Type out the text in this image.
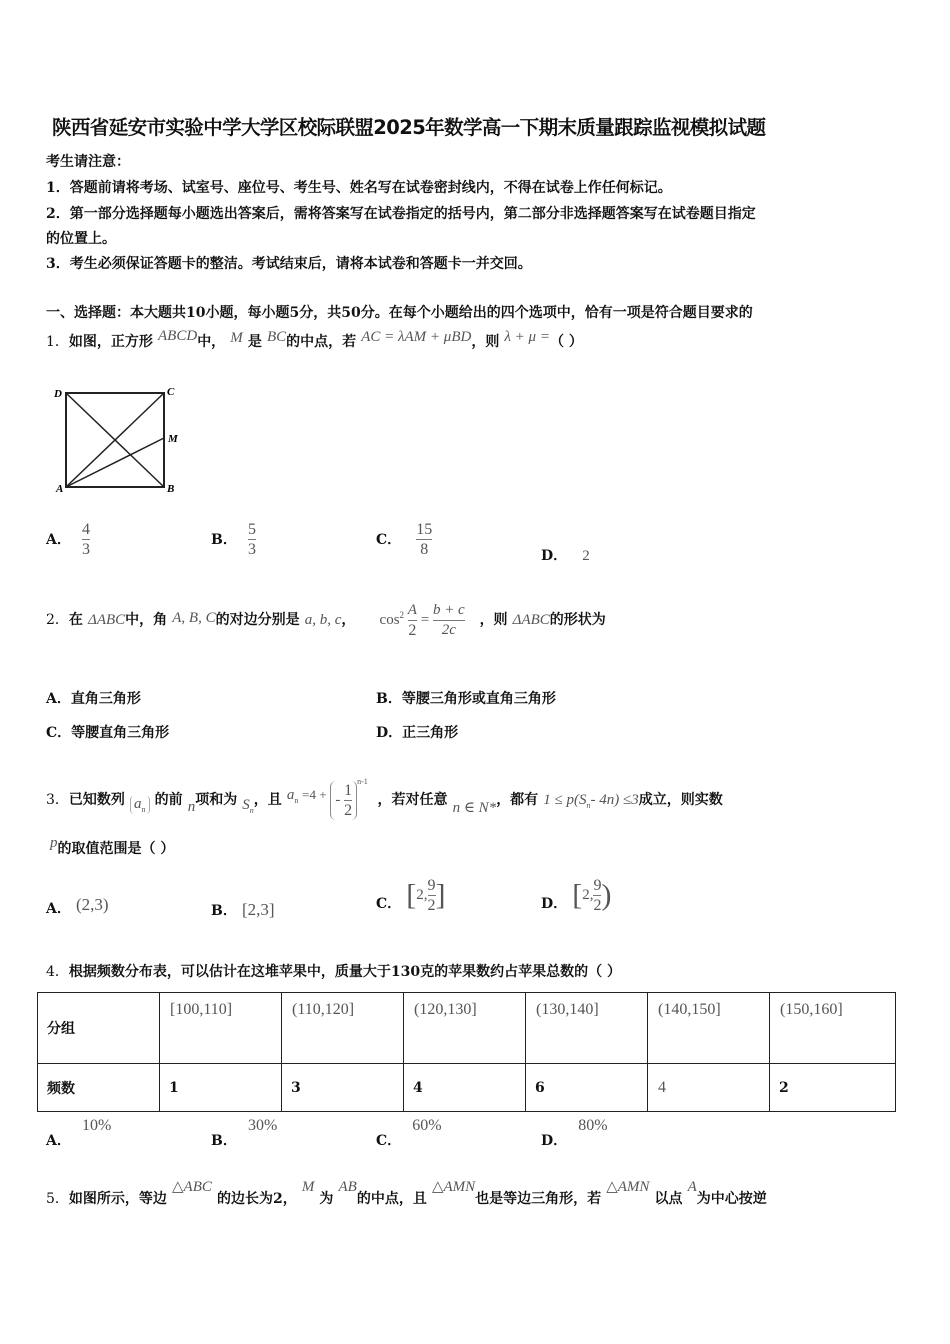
陕西省延安市实验中学大学区校际联盟2025年数学高一下期末质量跟踪监视模拟试题
考生请注意：
1．答题前请将考场、试室号、座位号、考生号、姓名写在试卷密封线内，不得在试卷上作任何标记。
2．第一部分选择题每小题选出答案后，需将答案写在试卷指定的括号内，第二部分非选择题答案写在试卷题目指定
的位置上。
3．考生必须保证答题卡的整洁。考试结束后，请将本试卷和答题卡一并交回。
一、选择题：本大题共10小题，每小题5分，共50分。在每个小题给出的四个选项中，恰有一项是符合题目要求的
1．如图，正方形 ABCD中， M 是 BC的中点，若 AC = λAM + μBD，则 λ + μ =（ ）
D	C
M
A	B
A． $\frac{4}{3}$	B． $\frac{5}{3}$	C． $\frac{15}{8}$	D． 2
2．在 ΔABC中，角 A, B, C的对边分别是 a, b, c， $\cos^2 \frac{A}{2} = \frac{b + c}{2c}$ ，则 ΔABC的形状为
A．直角三角形	B．等腰三角形或直角三角形
C．等腰直角三角形	D．正三角形
3．已知数列 $a_n$ 的前 n项和为 $S_n$，且 $a_n =4$ + - $\frac{1}{2} ^{n-1}$ ，若对任意 n ∈ N*，都有 $1 \le p(S_n-$ 4n) ≤3成立，则实数
p的取值范围是（ ）
A． (2,3)	B． [2,3]	C． [2, $\frac{9}{2}$ ]	D． [2, $\frac{9}{2}$ )
4．根据频数分布表，可以估计在这堆苹果中，质量大于130克的苹果数约占苹果总数的（ ）
分组	[100,110]	(110,120]	(120,130]	(130,140]	(140,150]	(150,160]

频数	1	3	4	6	4	2
A． 10%
B． 30%
C． 60%
D． 80%
5．如图所示，等边 △ABC 的边长为2， M 为 AB的中点，且 △AMN也是等边三角形，若 △AMN 以点 A为中心按逆
